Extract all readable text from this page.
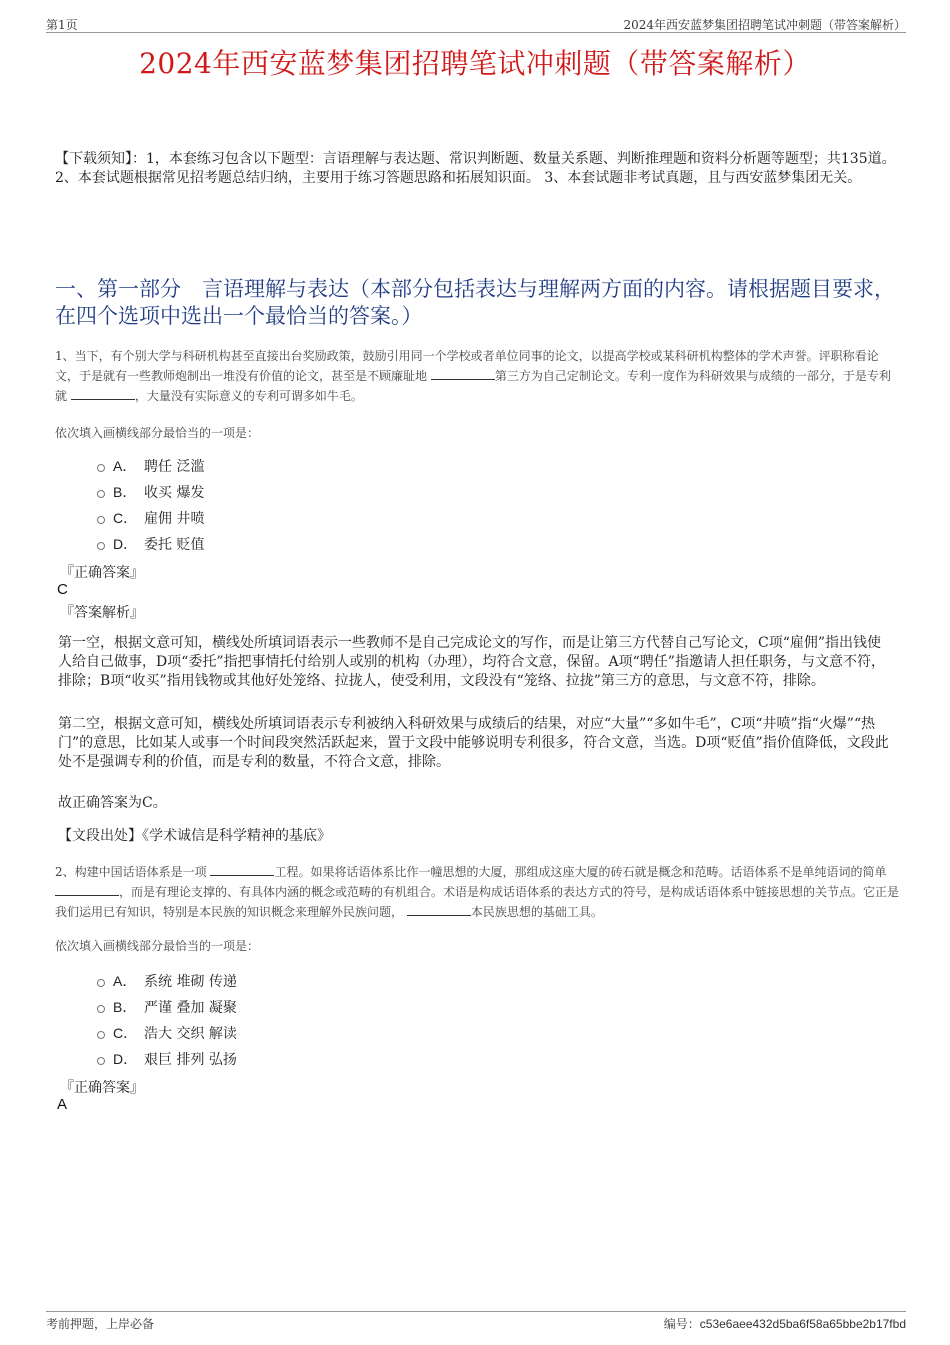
第1页	2024年西安蓝梦集团招聘笔试冲刺题（带答案解析）
2024年西安蓝梦集团招聘笔试冲刺题（带答案解析）
【下载须知】：1，本套练习包含以下题型：言语理解与表达题、常识判断题、数量关系题、判断推理题和资料分析题等题型；共135道。 2、本套试题根据常见招考题总结归纳，主要用于练习答题思路和拓展知识面。 3、本套试题非考试真题，且与西安蓝梦集团无关。
一、第一部分　言语理解与表达（本部分包括表达与理解两方面的内容。请根据题目要求，在四个选项中选出一个最恰当的答案。）
1、当下，有个别大学与科研机构甚至直接出台奖励政策，鼓励引用同一个学校或者单位同事的论文，以提高学校或某科研机构整体的学术声誉。评职称看论文，于是就有一些教师炮制出一堆没有价值的论文，甚至是不顾廉耻地	第三方为自己定制论文。专利一度作为科研效果与成绩的一部分，于是专利就	，大量没有实际意义的专利可谓多如牛毛。
依次填入画横线部分最恰当的一项是：
A． 聘任 泛滥
B． 收买 爆发
C． 雇佣 井喷
D． 委托 贬值
『正确答案』
C
『答案解析』
第一空，根据文意可知，横线处所填词语表示一些教师不是自己完成论文的写作，而是让第三方代替自己写论文，C项“雇佣”指出钱使人给自己做事，D项“委托”指把事情托付给别人或别的机构（办理），均符合文意，保留。A项“聘任”指邀请人担任职务，与文意不符，排除；B项“收买”指用钱物或其他好处笼络、拉拢人，使受利用，文段没有“笼络、拉拢”第三方的意思，与文意不符，排除。
第二空，根据文意可知，横线处所填词语表示专利被纳入科研效果与成绩后的结果，对应“大量”“多如牛毛”，C项“井喷”指“火爆”“热门”的意思，比如某人或事一个时间段突然活跃起来，置于文段中能够说明专利很多，符合文意，当选。D项“贬值”指价值降低，文段此处不是强调专利的价值，而是专利的数量，不符合文意，排除。
故正确答案为C。
【文段出处】《学术诚信是科学精神的基底》
2、构建中国话语体系是一项	工程。如果将话语体系比作一幢思想的大厦，那组成这座大厦的砖石就是概念和范畴。话语体系不是单纯语词的简单 ，而是有理论支撑的、有具体内涵的概念或范畴的有机组合。术语是构成话语体系的表达方式的符号，是构成话语体系中链接思想的关节点。它正是我们运用已有知识，特别是本民族的知识概念来理解外民族问题，	本民族思想的基础工具。
依次填入画横线部分最恰当的一项是：
A． 系统 堆砌 传递
B． 严谨 叠加 凝聚
C． 浩大 交织 解读
D． 艰巨 排列 弘扬
『正确答案』
A
考前押题，上岸必备	编号：c53e6aee432d5ba6f58a65bbe2b17fbd
